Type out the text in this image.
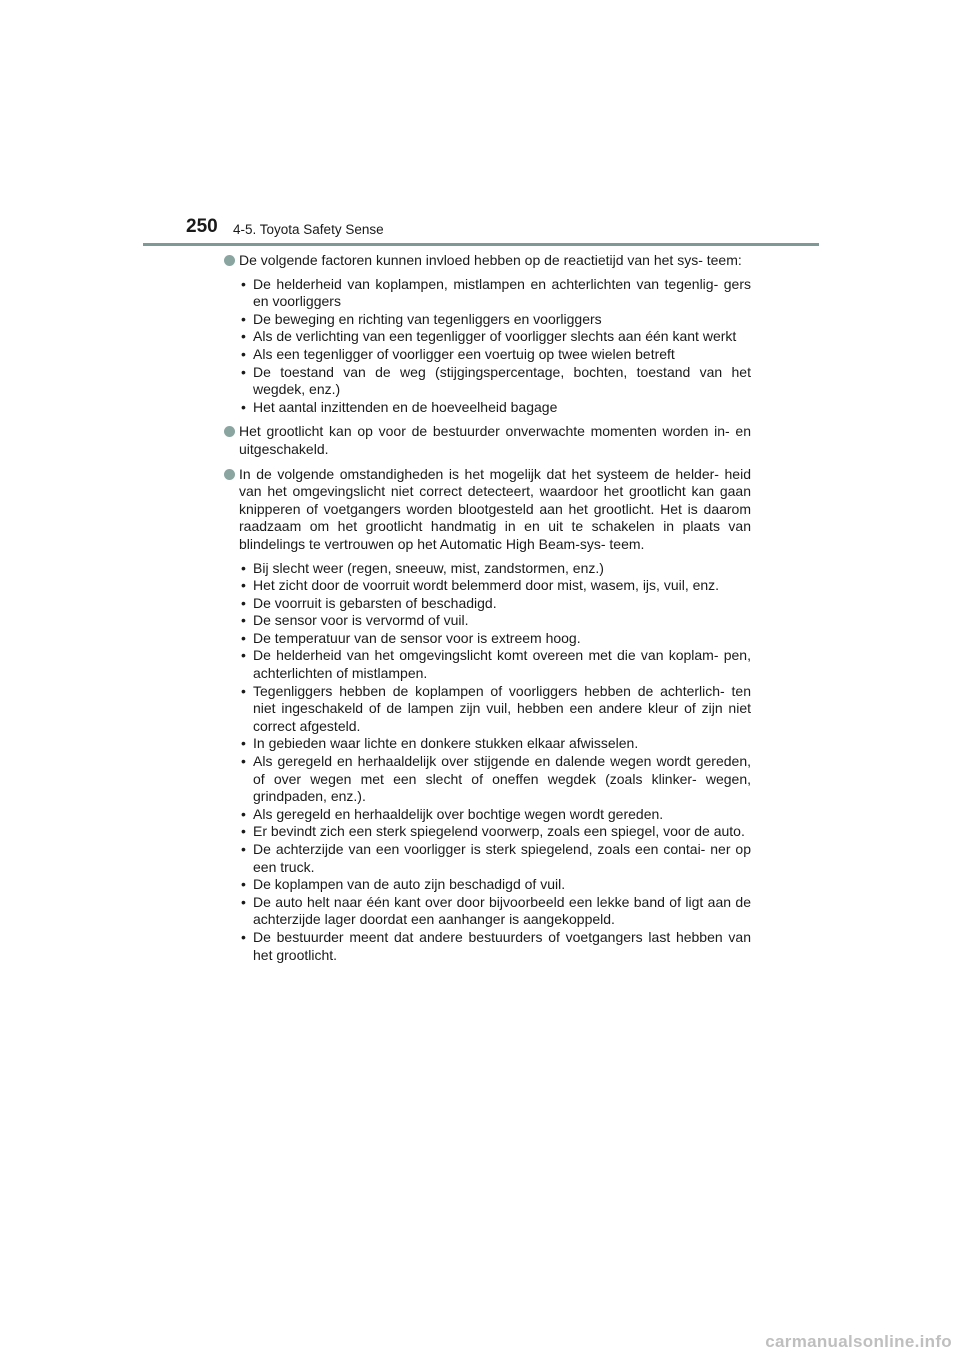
250 4-5. Toyota Safety Sense
De volgende factoren kunnen invloed hebben op de reactietijd van het sys- teem:
• De helderheid van koplampen, mistlampen en achterlichten van tegenlig- gers en voorliggers
• De beweging en richting van tegenliggers en voorliggers
• Als de verlichting van een tegenligger of voorligger slechts aan één kant werkt
• Als een tegenligger of voorligger een voertuig op twee wielen betreft
• De toestand van de weg (stijgingspercentage, bochten, toestand van het wegdek, enz.)
• Het aantal inzittenden en de hoeveelheid bagage
Het grootlicht kan op voor de bestuurder onverwachte momenten worden in- en uitgeschakeld.
In de volgende omstandigheden is het mogelijk dat het systeem de helder- heid van het omgevingslicht niet correct detecteert, waardoor het grootlicht kan gaan knipperen of voetgangers worden blootgesteld aan het grootlicht. Het is daarom raadzaam om het grootlicht handmatig in en uit te schakelen in plaats van blindelings te vertrouwen op het Automatic High Beam-sys- teem.
• Bij slecht weer (regen, sneeuw, mist, zandstormen, enz.)
• Het zicht door de voorruit wordt belemmerd door mist, wasem, ijs, vuil, enz.
• De voorruit is gebarsten of beschadigd.
• De sensor voor is vervormd of vuil.
• De temperatuur van de sensor voor is extreem hoog.
• De helderheid van het omgevingslicht komt overeen met die van koplam- pen, achterlichten of mistlampen.
• Tegenliggers hebben de koplampen of voorliggers hebben de achterlich- ten niet ingeschakeld of de lampen zijn vuil, hebben een andere kleur of zijn niet correct afgesteld.
• In gebieden waar lichte en donkere stukken elkaar afwisselen.
• Als geregeld en herhaaldelijk over stijgende en dalende wegen wordt gereden, of over wegen met een slecht of oneffen wegdek (zoals klinker- wegen, grindpaden, enz.).
• Als geregeld en herhaaldelijk over bochtige wegen wordt gereden.
• Er bevindt zich een sterk spiegelend voorwerp, zoals een spiegel, voor de auto.
• De achterzijde van een voorligger is sterk spiegelend, zoals een contai- ner op een truck.
• De koplampen van de auto zijn beschadigd of vuil.
• De auto helt naar één kant over door bijvoorbeeld een lekke band of ligt aan de achterzijde lager doordat een aanhanger is aangekoppeld.
• De bestuurder meent dat andere bestuurders of voetgangers last hebben van het grootlicht.
carmanualsonline.info
